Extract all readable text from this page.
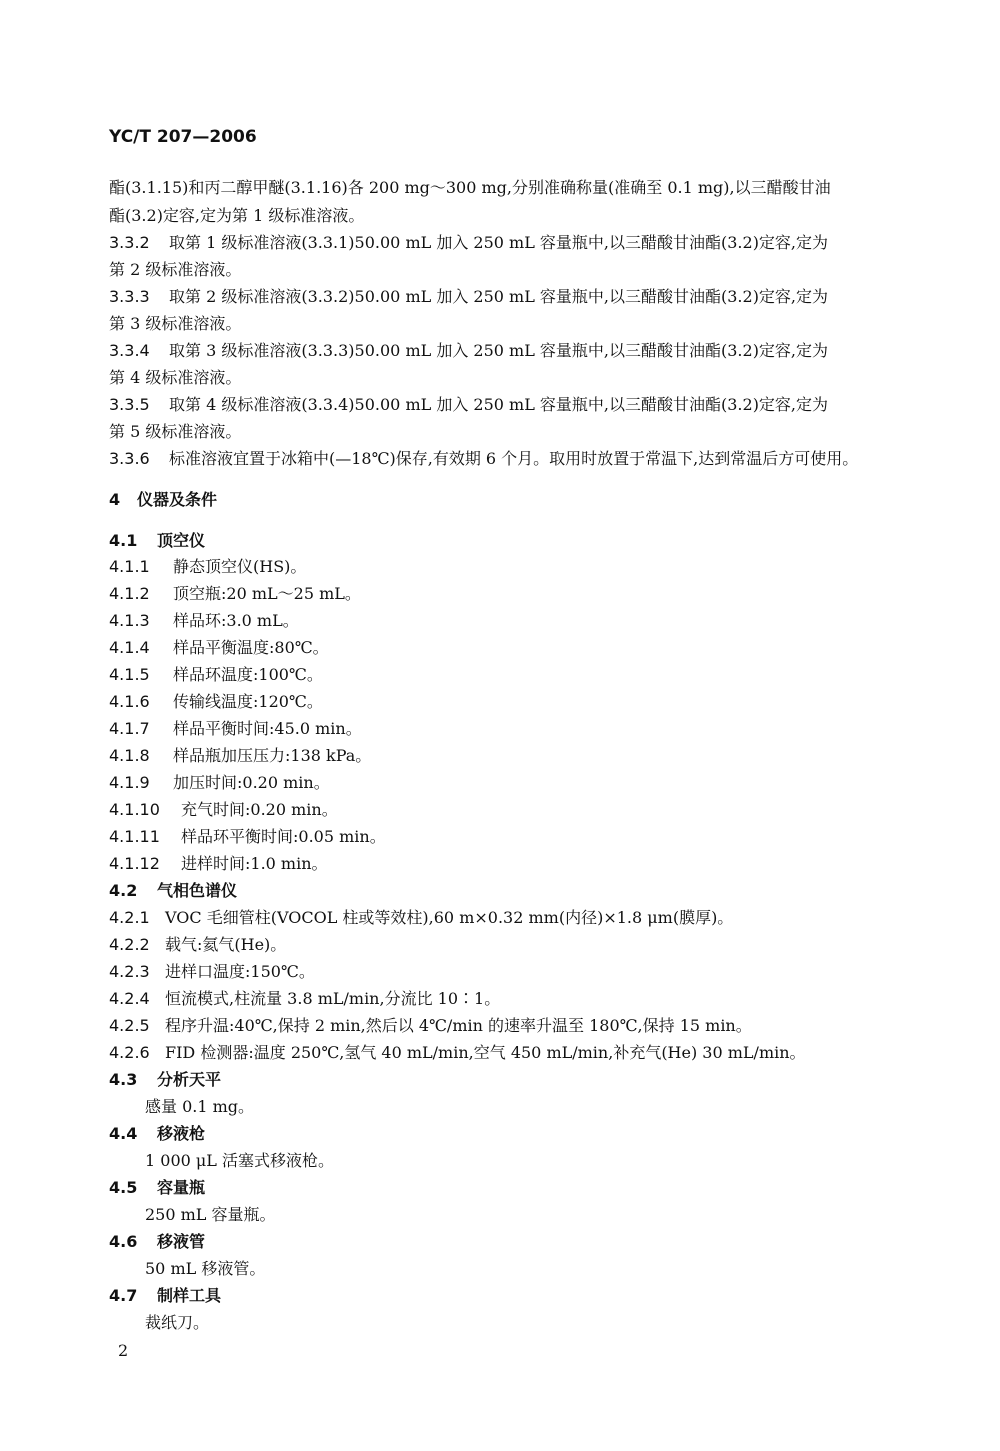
YC/T 207—2006

酯(3.1.15)和丙二醇甲醚(3.1.16)各 200 mg～300 mg,分别准确称量(准确至 0.1 mg),以三醋酸甘油

酯(3.2)定容,定为第 1 级标准溶液。

3.3.2 取第 1 级标准溶液(3.3.1)50.00 mL 加入 250 mL 容量瓶中,以三醋酸甘油酯(3.2)定容,定为

第 2 级标准溶液。

3.3.3 取第 2 级标准溶液(3.3.2)50.00 mL 加入 250 mL 容量瓶中,以三醋酸甘油酯(3.2)定容,定为

第 3 级标准溶液。

3.3.4 取第 3 级标准溶液(3.3.3)50.00 mL 加入 250 mL 容量瓶中,以三醋酸甘油酯(3.2)定容,定为

第 4 级标准溶液。

3.3.5 取第 4 级标准溶液(3.3.4)50.00 mL 加入 250 mL 容量瓶中,以三醋酸甘油酯(3.2)定容,定为

第 5 级标准溶液。

3.3.6 标准溶液宜置于冰箱中(—18℃)保存,有效期 6 个月。取用时放置于常温下,达到常温后方可使用。

4 仪器及条件

4.1 顶空仪

4.1.1 静态顶空仪(HS)。

4.1.2 顶空瓶:20 mL～25 mL。

4.1.3 样品环:3.0 mL。

4.1.4 样品平衡温度:80℃。

4.1.5 样品环温度:100℃。

4.1.6 传输线温度:120℃。

4.1.7 样品平衡时间:45.0 min。

4.1.8 样品瓶加压压力:138 kPa。

4.1.9 加压时间:0.20 min。

4.1.10 充气时间:0.20 min。

4.1.11 样品环平衡时间:0.05 min。

4.1.12 进样时间:1.0 min。

4.2 气相色谱仪

4.2.1 VOC 毛细管柱(VOCOL 柱或等效柱),60 m×0.32 mm(内径)×1.8 μm(膜厚)。

4.2.2 载气:氦气(He)。

4.2.3 进样口温度:150℃。

4.2.4 恒流模式,柱流量 3.8 mL/min,分流比 10∶1。

4.2.5 程序升温:40℃,保持 2 min,然后以 4℃/min 的速率升温至 180℃,保持 15 min。

4.2.6 FID 检测器:温度 250℃,氢气 40 mL/min,空气 450 mL/min,补充气(He) 30 mL/min。

4.3 分析天平

感量 0.1 mg。

4.4 移液枪

1 000 μL 活塞式移液枪。

4.5 容量瓶

250 mL 容量瓶。

4.6 移液管

50 mL 移液管。

4.7 制样工具

裁纸刀。

2
